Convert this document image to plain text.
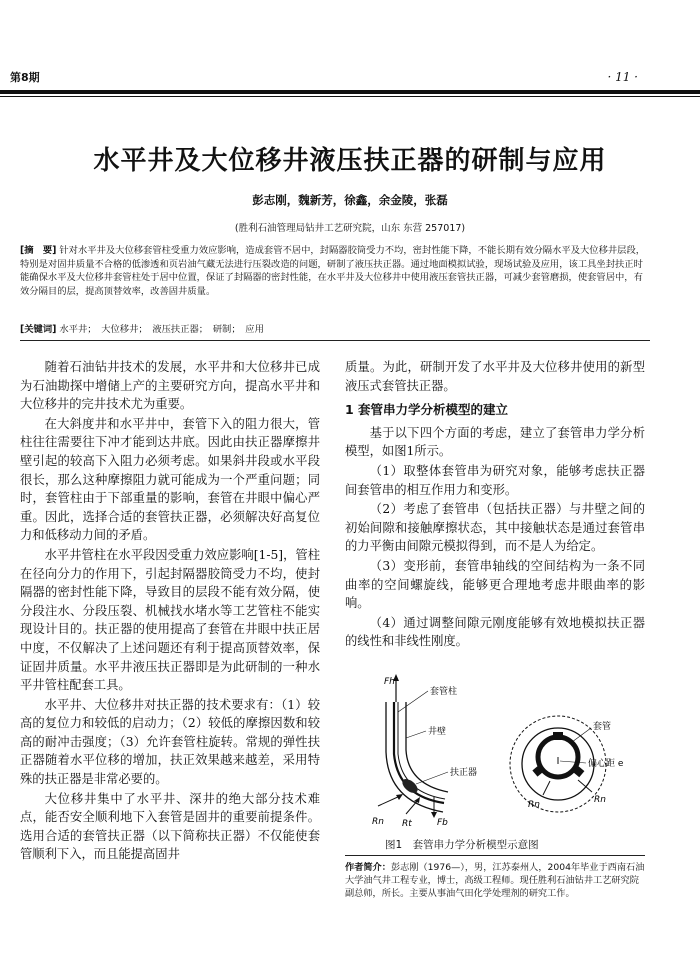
第8期	· 11 ·
水平井及大位移井液压扶正器的研制与应用
彭志刚，魏新芳，徐鑫，余金陵，张磊
(胜利石油管理局钻井工艺研究院，山东 东营 257017)
[摘　要] 针对水平井及大位移套管柱受重力效应影响，造成套管不居中，封隔器胶筒受力不均，密封性能下降，不能长期有效分隔水平及大位移井层段，特别是对固井质量不合格的低渗透和页岩油气藏无法进行压裂改造的问题，研制了液压扶正器。通过地面模拟试验，现场试验及应用，该工具坐封扶正时能确保水平及大位移井套管柱处于居中位置，保证了封隔器的密封性能，在水平井及大位移井中使用液压套管扶正器，可减少套管磨损，使套管居中，有效分隔目的层，提高顶替效率，改善固井质量。
[关键词] 水平井；　大位移井；　液压扶正器；　研制；　应用

随着石油钻井技术的发展，水平井和大位移井已成为石油勘探中增储上产的主要研究方向，提高水平井和大位移井的完井技术尤为重要。

在大斜度井和水平井中，套管下入的阻力很大，管柱往往需要往下冲才能到达井底。因此由扶正器摩擦井壁引起的较高下入阻力必须考虑。如果斜井段或水平段很长，那么这种摩擦阻力就可能成为一个严重问题；同时，套管柱由于下部重量的影响，套管在井眼中偏心严重。因此，选择合适的套管扶正器，必须解决好高复位力和低移动力间的矛盾。

水平井管柱在水平段因受重力效应影响[1-5]，管柱在径向分力的作用下，引起封隔器胶筒受力不均，使封隔器的密封性能下降，导致目的层段不能有效分隔，使分段注水、分段压裂、机械找水堵水等工艺管柱不能实现设计目的。扶正器的使用提高了套管在井眼中扶正居中度，不仅解决了上述问题还有利于提高顶替效率，保证固井质量。水平井液压扶正器即是为此研制的一种水平井管柱配套工具。

水平井、大位移井对扶正器的技术要求有：（1）较高的复位力和较低的启动力；（2）较低的摩擦因数和较高的耐冲击强度；（3）允许套管柱旋转。常规的弹性扶正器随着水平位移的增加，扶正效果越来越差，采用特殊的扶正器是非常必要的。

大位移井集中了水平井、深井的绝大部分技术难点，能否安全顺利地下入套管是固井的重要前提条件。选用合适的套管扶正器（以下简称扶正器）不仅能使套管顺利下入，而且能提高固井

质量。为此，研制开发了水平井及大位移井使用的新型液压式套管扶正器。

1 套管串力学分析模型的建立

基于以下四个方面的考虑，建立了套管串力学分析模型，如图1所示。

（1）取整体套管串为研究对象，能够考虑扶正器间套管串的相互作用力和变形。

（2）考虑了套管串（包括扶正器）与井壁之间的初始间隙和接触摩擦状态，其中接触状态是通过套管串的力平衡由间隙元模拟得到，而不是人为给定。

（3）变形前，套管串轴线的空间结构为一条不同曲率的空间螺旋线，能够更合理地考虑井眼曲率的影响。

（4）通过调整间隙元刚度能够有效地模拟扶正器的线性和非线性刚度。

Fh
套管柱
井壁
扶正器
Rn Rt	Fb
套管
偏心距 e
Rn	Rn
图1　套管串力学分析模型示意图
作者简介：彭志刚（1976—），男，江苏泰州人，2004年毕业于西南石油大学油气井工程专业，博士，高级工程师。现任胜利石油钻井工艺研究院副总师，所长。主要从事油气田化学处理剂的研究工作。
